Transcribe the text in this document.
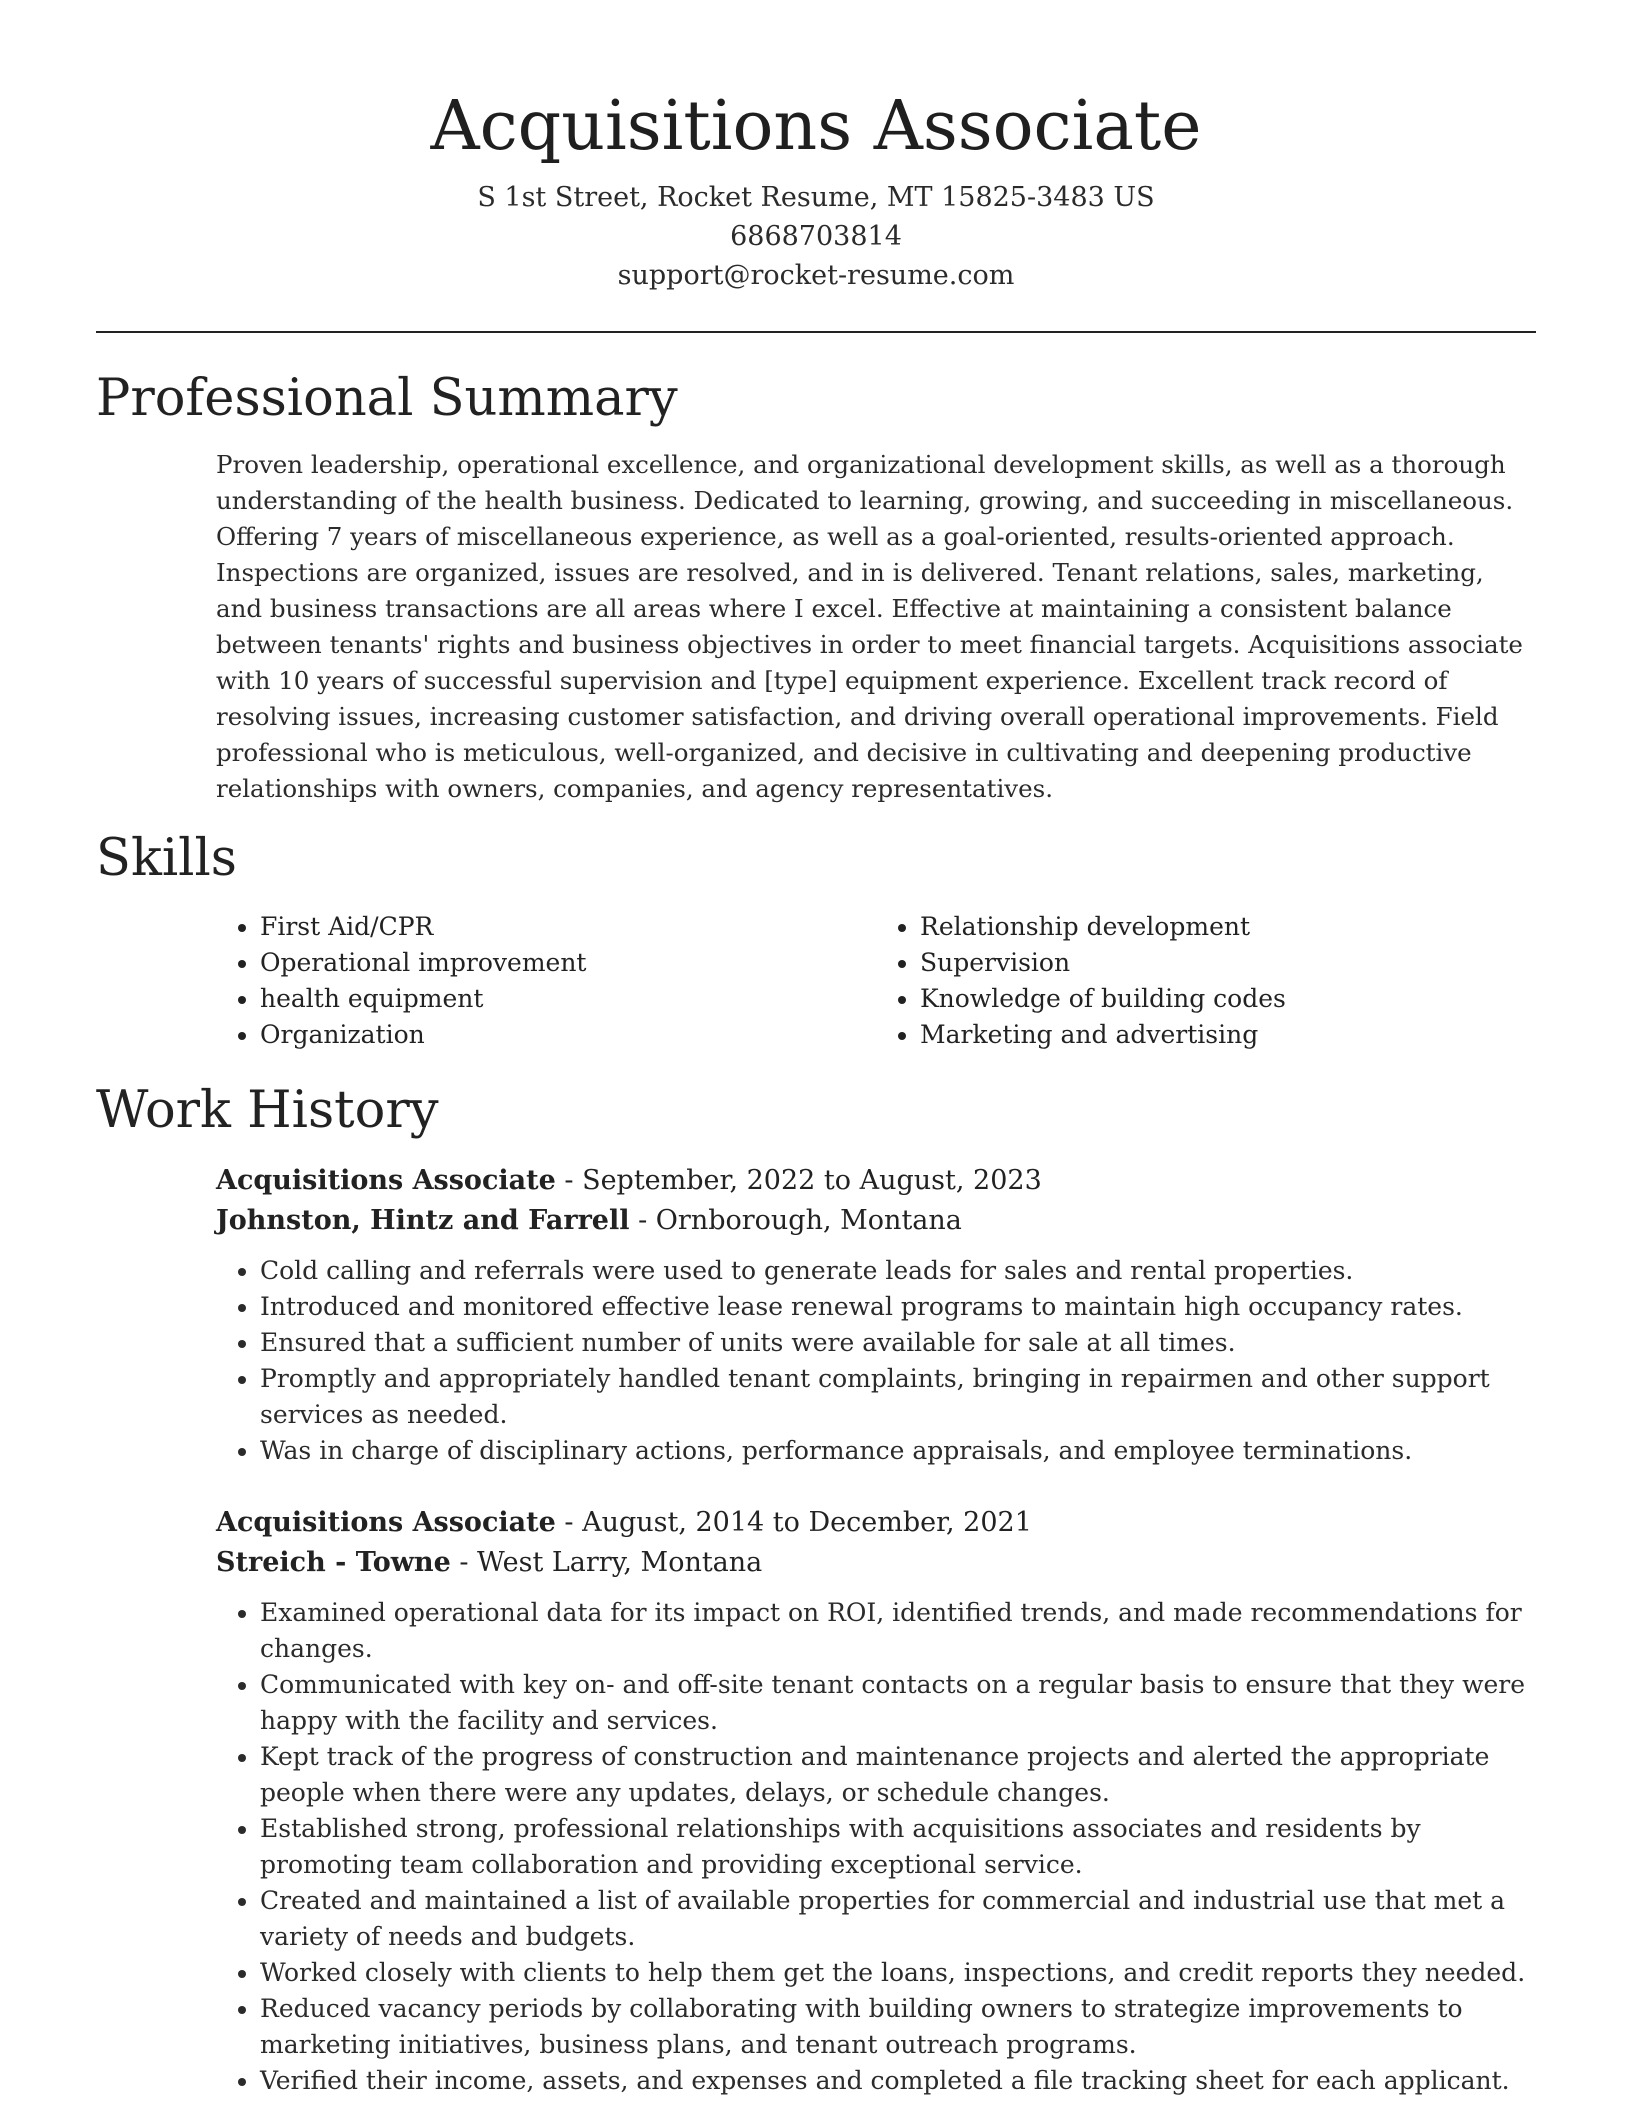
Acquisitions Associate
S 1st Street, Rocket Resume, MT 15825-3483 US
6868703814
support@rocket-resume.com
Professional Summary
Proven leadership, operational excellence, and organizational development skills, as well as a thorough understanding of the health business. Dedicated to learning, growing, and succeeding in miscellaneous. Offering 7 years of miscellaneous experience, as well as a goal-oriented, results-oriented approach. Inspections are organized, issues are resolved, and in is delivered. Tenant relations, sales, marketing, and business transactions are all areas where I excel. Effective at maintaining a consistent balance between tenants' rights and business objectives in order to meet financial targets. Acquisitions associate with 10 years of successful supervision and [type] equipment experience. Excellent track record of resolving issues, increasing customer satisfaction, and driving overall operational improvements. Field professional who is meticulous, well-organized, and decisive in cultivating and deepening productive relationships with owners, companies, and agency representatives.
Skills
• First Aid/CPR
• Operational improvement
• health equipment
• Organization
• Relationship development
• Supervision
• Knowledge of building codes
• Marketing and advertising
Work History
Acquisitions Associate - September, 2022 to August, 2023
Johnston, Hintz and Farrell - Ornborough, Montana
• Cold calling and referrals were used to generate leads for sales and rental properties.
• Introduced and monitored effective lease renewal programs to maintain high occupancy rates.
• Ensured that a sufficient number of units were available for sale at all times.
• Promptly and appropriately handled tenant complaints, bringing in repairmen and other support services as needed.
• Was in charge of disciplinary actions, performance appraisals, and employee terminations.
Acquisitions Associate - August, 2014 to December, 2021
Streich - Towne - West Larry, Montana
• Examined operational data for its impact on ROI, identified trends, and made recommendations for changes.
• Communicated with key on- and off-site tenant contacts on a regular basis to ensure that they were happy with the facility and services.
• Kept track of the progress of construction and maintenance projects and alerted the appropriate people when there were any updates, delays, or schedule changes.
• Established strong, professional relationships with acquisitions associates and residents by promoting team collaboration and providing exceptional service.
• Created and maintained a list of available properties for commercial and industrial use that met a variety of needs and budgets.
• Worked closely with clients to help them get the loans, inspections, and credit reports they needed.
• Reduced vacancy periods by collaborating with building owners to strategize improvements to marketing initiatives, business plans, and tenant outreach programs.
• Verified their income, assets, and expenses and completed a file tracking sheet for each applicant.
